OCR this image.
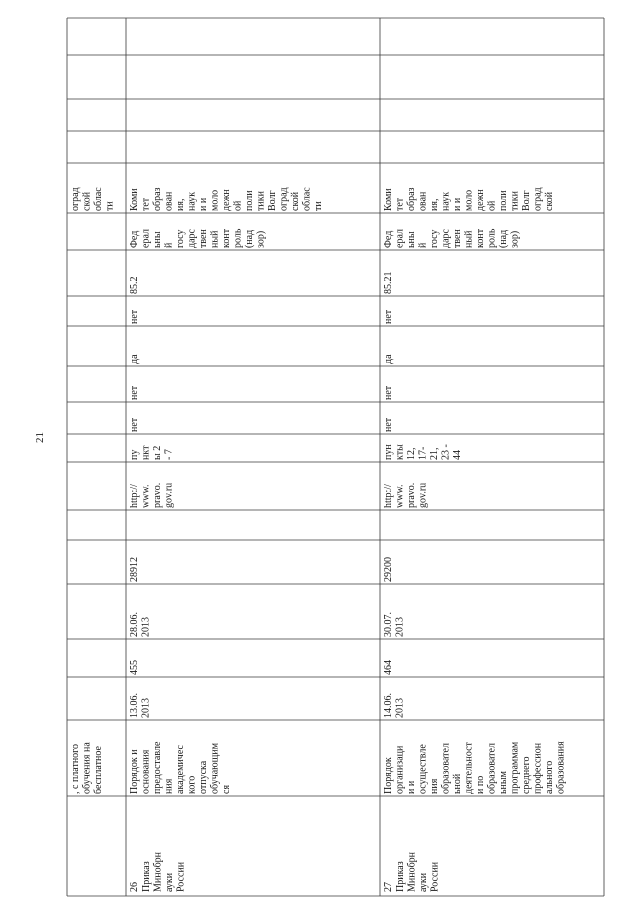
21
, с платного
обучения на
бесплатное
оград
ской
облас
ти
26 Приказ
Минобрн
ауки
России
Порядок и
основания
предоставле
ния
академичес
кого
отпуска
обучающим
ся
13.06.
2013
455
28.06.
2013
28912
http://
www.
pravo.
gov.ru
пу
нкт
ы 2
- 7
нет
нет
да
нет
85.2
Фед
ерал
ьны
й
госу
дарс
твен
ный
конт
роль
(над
зор)
Коми
тет
образ
ован
ия,
наук
и и
моло
дежн
ой
поли
тики
Волг
оград
ской
облас
ти
27 Приказ
Минобрн
ауки
России
Порядок
организаци
и и
осуществле
ния
образовател
ьной
деятельност
и по
образовател
ьным
программам
среднего
профессион
ального
образования
14.06.
2013
464
30.07.
2013
29200
http://
www.
pravo.
gov.ru
пун
кты
12,
17-
21,
23 -
44
нет
нет
да
нет
85.21
Фед
ерал
ьны
й
госу
дарс
твен
ный
конт
роль
(над
зор)
Коми
тет
образ
ован
ия,
наук
и и
моло
дежн
ой
поли
тики
Волг
оград
ской
